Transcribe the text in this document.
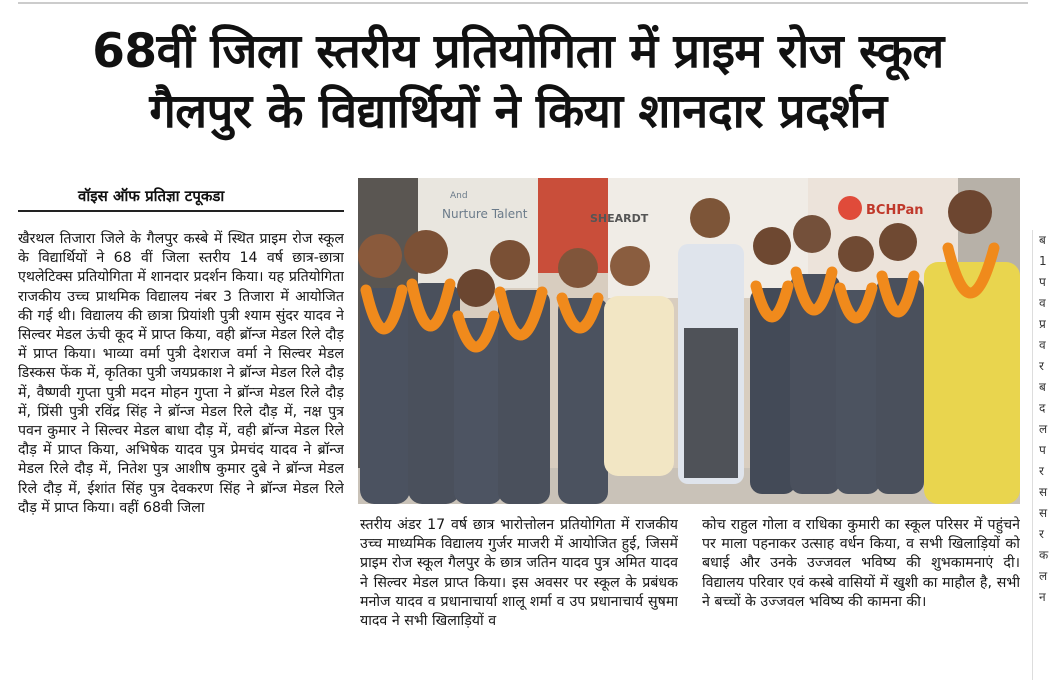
68वीं जिला स्तरीय प्रतियोगिता में प्राइम रोज स्कूल
गैलपुर के विद्यार्थियों ने किया शानदार प्रदर्शन
वॉइस ऑफ प्रतिज्ञा टपूकडा
खैरथल तिजारा जिले के गैलपुर कस्बे में स्थित प्राइम रोज स्कूल के विद्यार्थियों ने 68 वीं जिला स्तरीय 14 वर्ष छात्र-छात्रा एथलेटिक्स प्रतियोगिता में शानदार प्रदर्शन किया। यह प्रतियोगिता राजकीय उच्च प्राथमिक विद्यालय नंबर 3 तिजारा में आयोजित की गई थी। विद्यालय की छात्रा प्रियांशी पुत्री श्याम सुंदर यादव ने सिल्वर मेडल ऊंची कूद में प्राप्त किया, वही ब्रॉन्ज मेडल रिले दौड़ में प्राप्त किया। भाव्या वर्मा पुत्री देशराज वर्मा ने सिल्वर मेडल डिस्कस फेंक में, कृतिका पुत्री जयप्रकाश ने ब्रॉन्ज मेडल रिले दौड़ में, वैष्णवी गुप्ता पुत्री मदन मोहन गुप्ता ने ब्रॉन्ज मेडल रिले दौड़ में, प्रिंसी पुत्री रविंद्र सिंह ने ब्रॉन्ज मेडल रिले दौड़ में, नक्ष पुत्र पवन कुमार ने सिल्वर मेडल बाधा दौड़ में, वही ब्रॉन्ज मेडल रिले दौड़ में प्राप्त किया, अभिषेक यादव पुत्र प्रेमचंद यादव ने ब्रॉन्ज मेडल रिले दौड़ में, नितेश पुत्र आशीष कुमार दुबे ने ब्रॉन्ज मेडल रिले दौड़ में, ईशांत सिंह पुत्र देवकरण सिंह ने ब्रॉन्ज मेडल रिले दौड़ में प्राप्त किया। वहीं 68वी जिला
And
Nurture Talent	SHEARDT
BCHPan
स्तरीय अंडर 17 वर्ष छात्र भारोत्तोलन प्रतियोगिता में राजकीय उच्च माध्यमिक विद्यालय गुर्जर माजरी में आयोजित हुई, जिसमें प्राइम रोज स्कूल गैलपुर के छात्र जतिन यादव पुत्र अमित यादव ने सिल्वर मेडल प्राप्त किया। इस अवसर पर स्कूल के प्रबंधक मनोज यादव व प्रधानाचार्या शालू शर्मा व उप प्रधानाचार्य सुषमा यादव ने सभी खिलाड़ियों व
कोच राहुल गोला व राधिका कुमारी का स्कूल परिसर में पहुंचने पर माला पहनाकर उत्साह वर्धन किया, व सभी खिलाड़ियों को बधाई और उनके उज्जवल भविष्य की शुभकामनाएं दी। विद्यालय परिवार एवं कस्बे वासियों में खुशी का माहौल है, सभी ने बच्चों के उज्जवल भविष्य की कामना की।
ब
1
प
व
प्र
व
र
ब
द
ल
प
र
स
स
र
क
ल
न
